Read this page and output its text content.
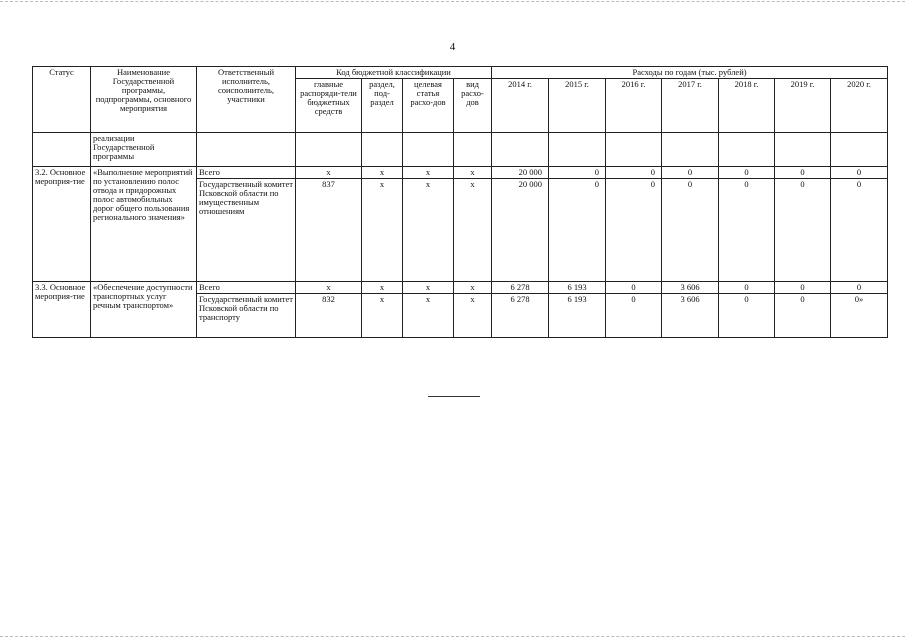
4
Статус	Наименование Государственной программы, подпрограммы, основного мероприятия	Ответственный исполнитель, соисполнитель, участники	Код бюджетной классификации				Расходы по годам (тыс. рублей)						
			главные распоряди-тели бюджетных средств	раздел, под-раздел	целевая статья расхо-дов	вид расхо-дов	2014 г.	2015 г.	2016 г.	2017 г.	2018 г.	2019 г.	2020 г.
	реализации Государственной программы												
3.2. Основное мероприя-тие	«Выполнение мероприятий по установлению полос отвода и придорожных полос автомобильных дорог общего пользования регионального значения»	Всего	х	х	х	х	20 000	0	0	0	0	0	0
		Государственный комитет Псковской области по имущественным отношениям	837	х	х	х	20 000	0	0	0	0	0	0
3.3. Основное мероприя-тие	«Обеспечение доступности транспортных услуг речным транспортом»	Всего	х	х	х	х	6 278	6 193	0	3 606	0	0	0
		Государственный комитет Псковской области по транспорту	832	х	х	х	6 278	6 193	0	3 606	0	0	0»
